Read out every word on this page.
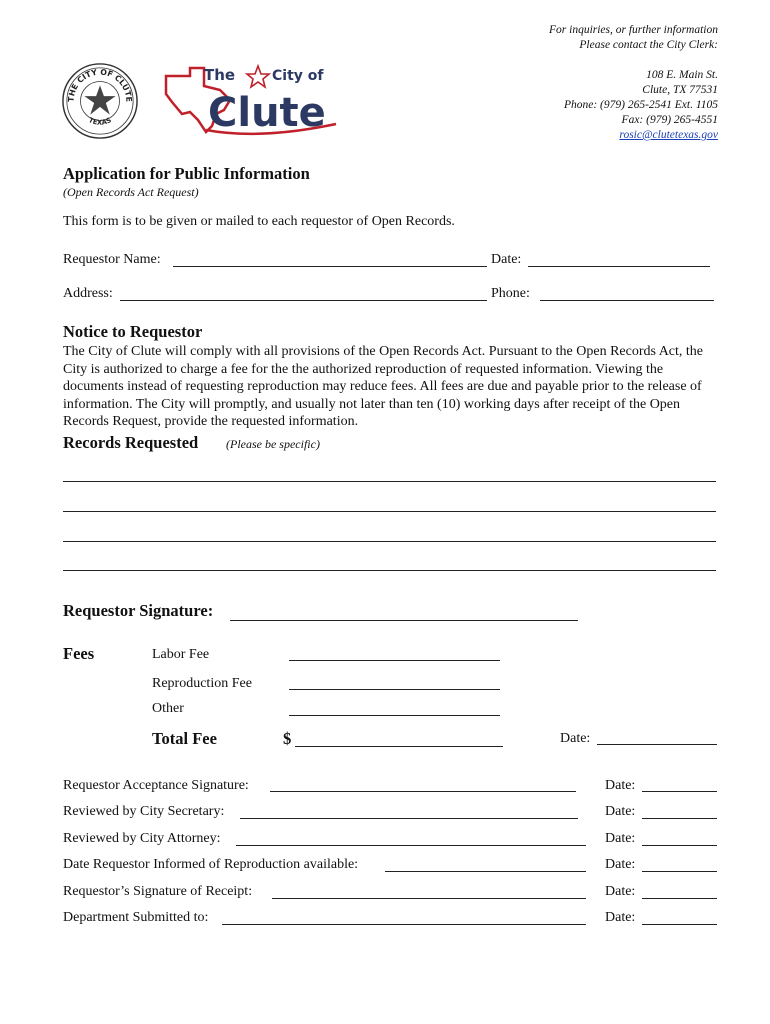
For inquiries, or further information
Please contact the City Clerk:
108 E. Main St.
Clute, TX 77531
Phone: (979) 265-2541 Ext. 1105
Fax: (979) 265-4551
rosic@clutetexas.gov
THE CITY OF CLUTE
TEXAS
The	City of
Clute
Application for Public Information
(Open Records Act Request)
This form is to be given or mailed to each requestor of Open Records.
Requestor Name:	Date:
Address:	Phone:
Notice to Requestor
The City of Clute will comply with all provisions of the Open Records Act. Pursuant to the Open Records Act, the City is authorized to charge a fee for the the authorized reproduction of requested information. Viewing the documents instead of requesting reproduction may reduce fees. All fees are due and payable prior to the release of information. The City will promptly, and usually not later than ten (10) working days after receipt of the Open Records Request, provide the requested information.
Records Requested (Please be specific)
Requestor Signature:
Fees	Labor Fee
Reproduction Fee
Other
Total Fee	$	Date:
Requestor Acceptance Signature:	Date:
Reviewed by City Secretary:	Date:
Reviewed by City Attorney:	Date:
Date Requestor Informed of Reproduction available:	Date:
Requestor’s Signature of Receipt:	Date:
Department Submitted to:	Date:
